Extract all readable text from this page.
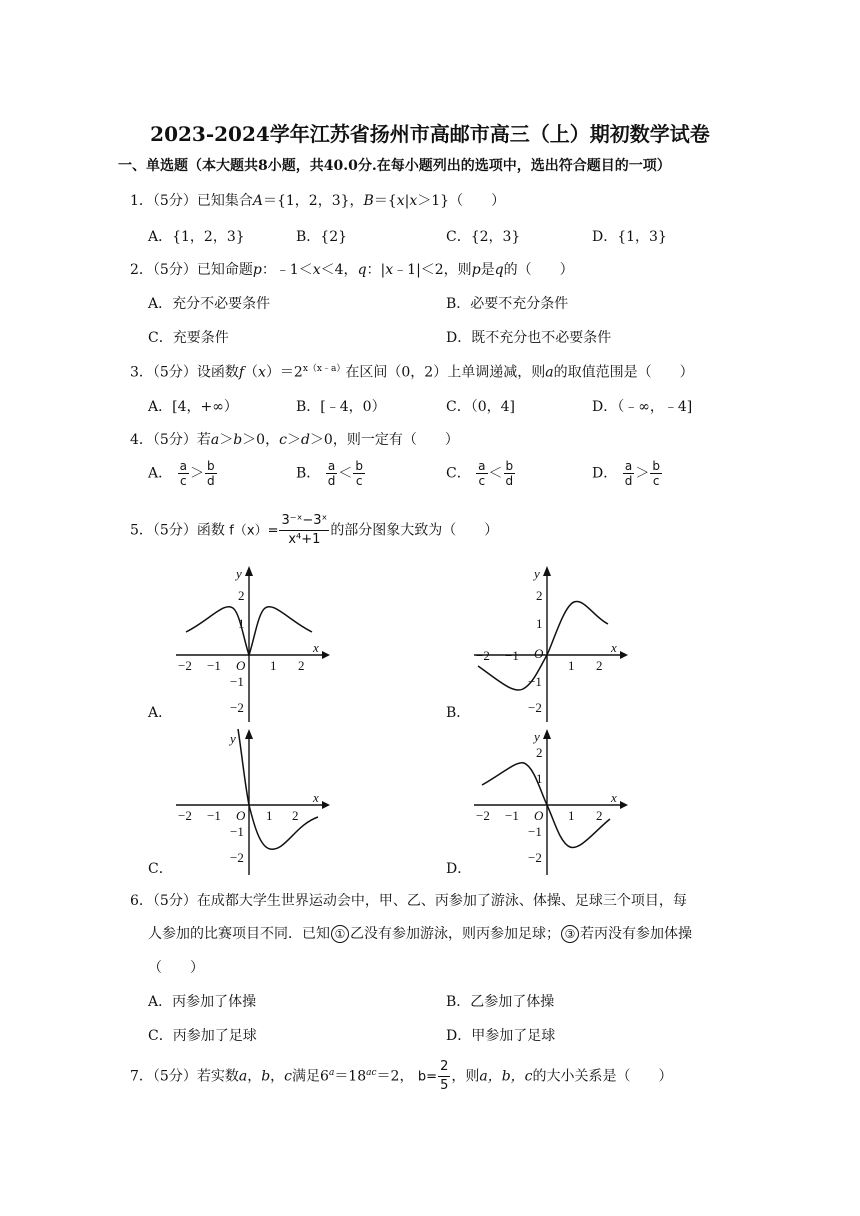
2023-2024学年江苏省扬州市高邮市高三（上）期初数学试卷
一、单选题（本大题共8小题，共40.0分.在每小题列出的选项中，选出符合题目的一项）
1．（5分）已知集合A＝{1，2，3}，B＝{x|x＞1}（　　）
A．{1，2，3}	B．{2}	C．{2，3}	D．{1，3}
2．（5分）已知命题p：﹣1＜x＜4，q：|x﹣1|＜2，则p是q的（　　）
A．充分不必要条件	B．必要不充分条件
C．充要条件	D．既不充分也不必要条件
3．（5分）设函数$f(x)=2^{x(x﹣a)}$在区间（0，2）上单调递减，则a的取值范围是（　　）
A．[4，+∞）	B．[﹣4，0）	C．（0，4]	D．（﹣∞，﹣4]
4．（5分）若a＞b＞0，c＞d＞0，则一定有（　　）
A． $\frac{a}{c} > \frac{b}{d}$	B． $\frac{a}{d} < \frac{b}{c}$	C． $\frac{a}{c} < \frac{b}{d}$	D． $\frac{a}{d} > \frac{b}{c}$
5．（5分）函数 $f(x)= \frac{\text{3⁻ˣ−3ˣ}}{\text{x⁴+1}}$ 的部分图象大致为（　　）
y
x
O
−2 −1	1 2
2
1
−1
−2
A．
y
x
O
−2 −1
1 2
2
1
−1
−2
B．
y
x
O
−2 −1	1 2
−1
−2
C．
y
x
O
−2 −1	1 2
2
1
−1
−2
D．
6．（5分）在成都大学生世界运动会中，甲、乙、丙参加了游泳、体操、足球三个项目，每
人参加的比赛项目不同．已知 ① 乙没有参加游泳，则丙参加足球； ③ 若丙没有参加体操
（　　）
A．丙参加了体操	B．乙参加了体操
C．丙参加了足球	D．甲参加了足球
7．（5分）若实数a，b，c满足$6^a=18^{ac}=2$， $b= \frac{2}{5}$ ，则a，b，c的大小关系是（　　）
